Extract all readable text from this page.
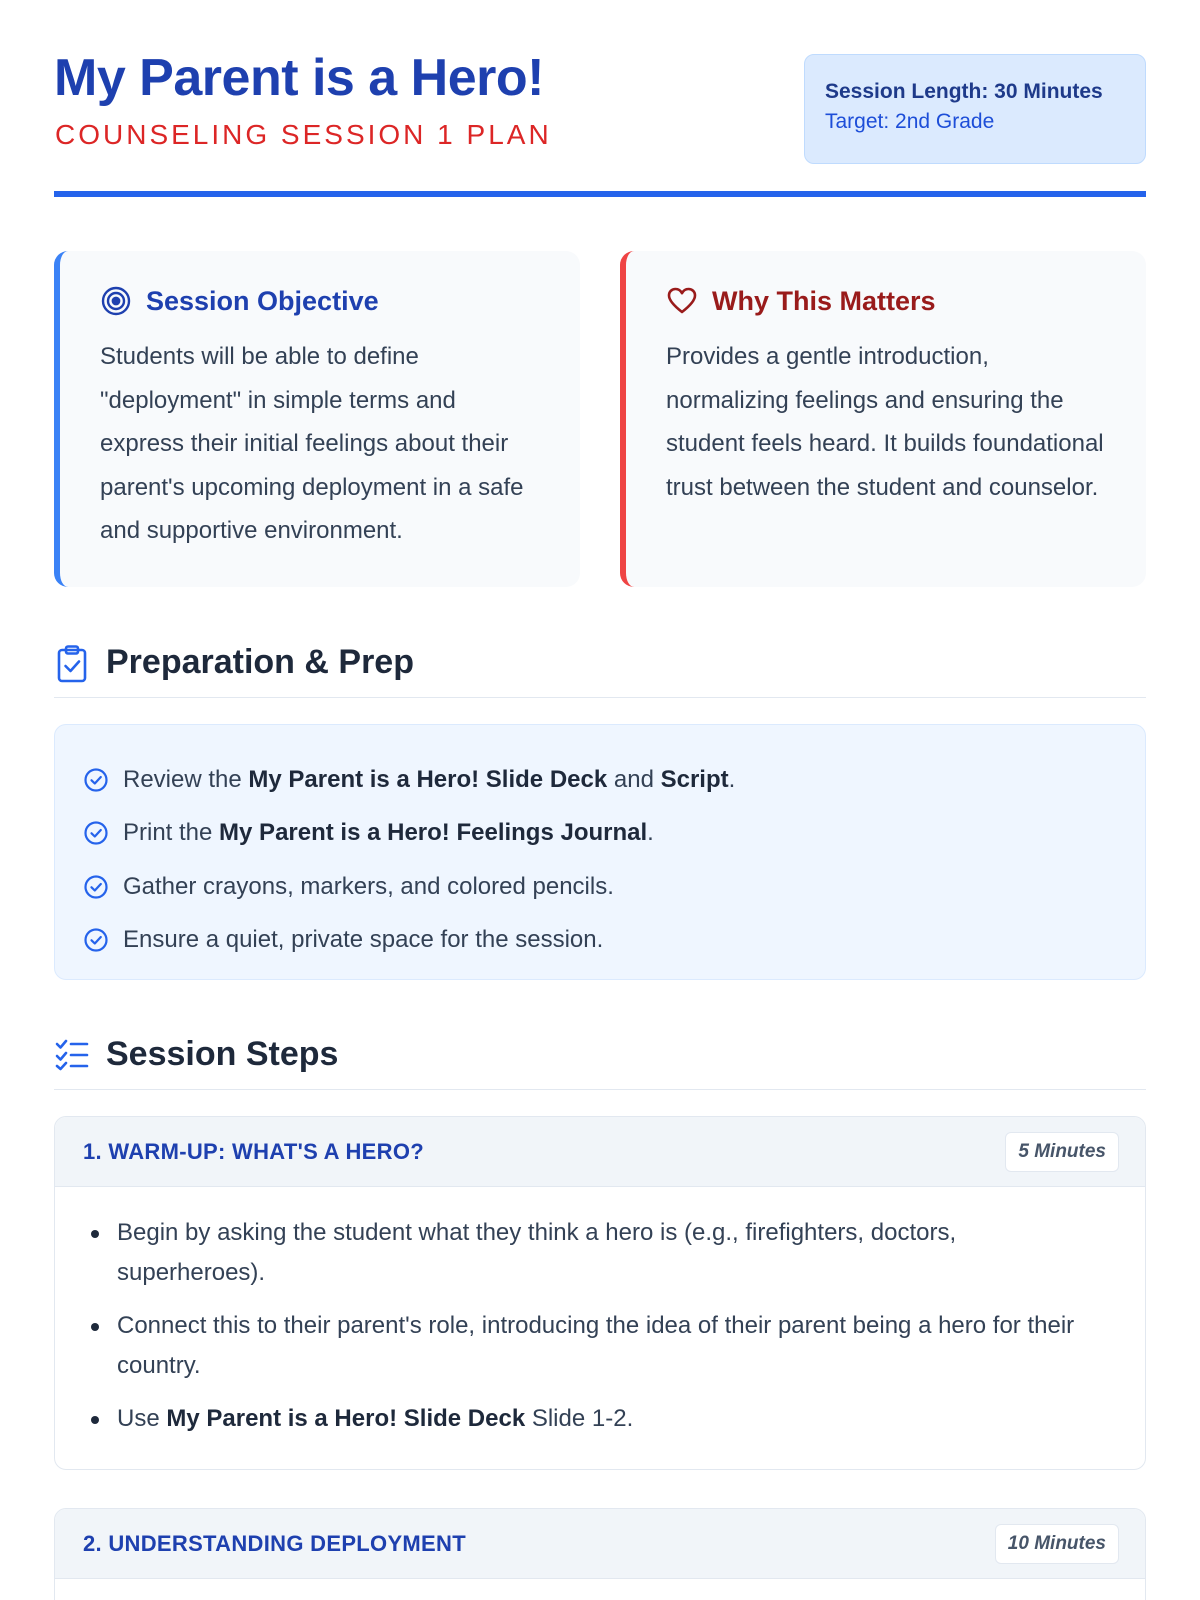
My Parent is a Hero!
COUNSELING SESSION 1 PLAN
Session Length: 30 Minutes
Target: 2nd Grade
Session Objective

Students will be able to define "deployment" in simple terms and express their initial feelings about their parent's upcoming deployment in a safe and supportive environment.

Why This Matters

Provides a gentle introduction, normalizing feelings and ensuring the student feels heard. It builds foundational trust between the student and counselor.

Preparation & Prep
Review the My Parent is a Hero! Slide Deck and Script.
Print the My Parent is a Hero! Feelings Journal.
Gather crayons, markers, and colored pencils.
Ensure a quiet, private space for the session.
Session Steps
1. WARM-UP: WHAT'S A HERO?	5 Minutes
Begin by asking the student what they think a hero is (e.g., firefighters, doctors, superheroes).
Connect this to their parent's role, introducing the idea of their parent being a hero for their country.
Use My Parent is a Hero! Slide Deck Slide 1-2.
2. UNDERSTANDING DEPLOYMENT	10 Minutes
